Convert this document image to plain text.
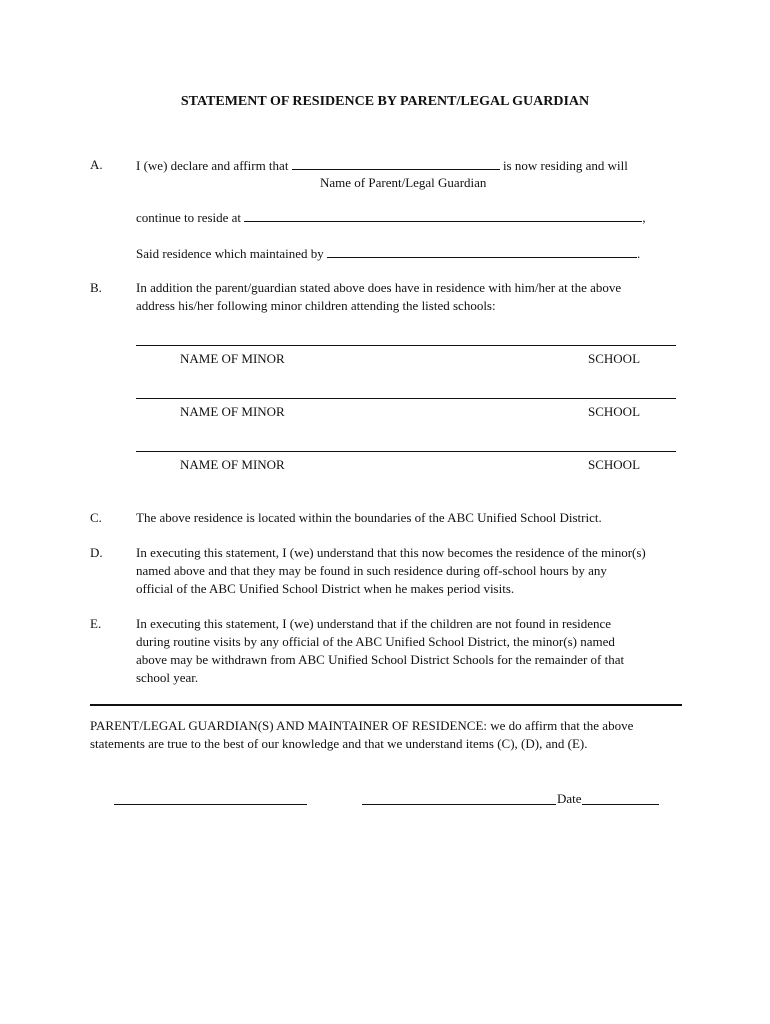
STATEMENT OF RESIDENCE BY PARENT/LEGAL GUARDIAN
A.	I (we) declare and affirm that	is now residing and will
Name of Parent/Legal Guardian
continue to reside at	,
Said residence which maintained by	.
B.	In addition the parent/guardian stated above does have in residence with him/her at the above
address his/her following minor children attending the listed schools:
NAME OF MINOR	SCHOOL
NAME OF MINOR	SCHOOL
NAME OF MINOR	SCHOOL
C.	The above residence is located within the boundaries of the ABC Unified School District.
D.	In executing this statement, I (we) understand that this now becomes the residence of the minor(s)
named above and that they may be found in such residence during off-school hours by any
official of the ABC Unified School District when he makes period visits.
E.	In executing this statement, I (we) understand that if the children are not found in residence
during routine visits by any official of the ABC Unified School District, the minor(s) named
above may be withdrawn from ABC Unified School District Schools for the remainder of that
school year.
PARENT/LEGAL GUARDIAN(S) AND MAINTAINER OF RESIDENCE: we do affirm that the above
statements are true to the best of our knowledge and that we understand items (C), (D), and (E).
Date
